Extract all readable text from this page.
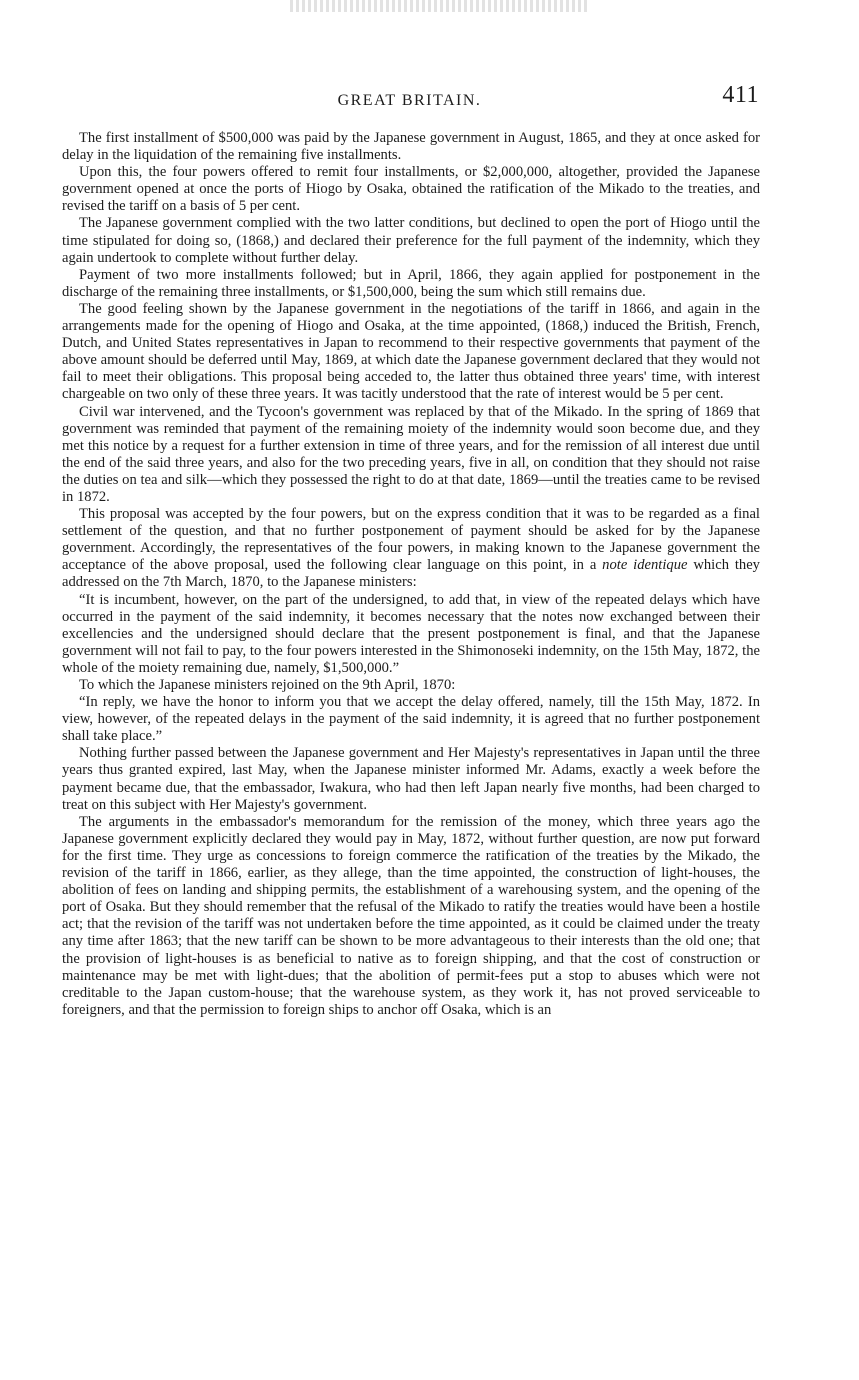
GREAT BRITAIN.	411

The first installment of $500,000 was paid by the Japanese government in August, 1865, and they at once asked for delay in the liquidation of the remaining five installments.

Upon this, the four powers offered to remit four installments, or $2,000,000, altogether, provided the Japanese government opened at once the ports of Hiogo by Osaka, obtained the ratification of the Mikado to the treaties, and revised the tariff on a basis of 5 per cent.

The Japanese government complied with the two latter conditions, but declined to open the port of Hiogo until the time stipulated for doing so, (1868,) and declared their preference for the full payment of the indemnity, which they again undertook to complete without further delay.

Payment of two more installments followed; but in April, 1866, they again applied for postponement in the discharge of the remaining three installments, or $1,500,000, being the sum which still remains due.

The good feeling shown by the Japanese government in the negotiations of the tariff in 1866, and again in the arrangements made for the opening of Hiogo and Osaka, at the time appointed, (1868,) induced the British, French, Dutch, and United States representatives in Japan to recommend to their respective governments that payment of the above amount should be deferred until May, 1869, at which date the Japanese government declared that they would not fail to meet their obligations. This proposal being acceded to, the latter thus obtained three years' time, with interest chargeable on two only of these three years. It was tacitly understood that the rate of interest would be 5 per cent.

Civil war intervened, and the Tycoon's government was replaced by that of the Mikado. In the spring of 1869 that government was reminded that payment of the remaining moiety of the indemnity would soon become due, and they met this notice by a request for a further extension in time of three years, and for the remission of all interest due until the end of the said three years, and also for the two preceding years, five in all, on condition that they should not raise the duties on tea and silk—which they possessed the right to do at that date, 1869—until the treaties came to be revised in 1872.

This proposal was accepted by the four powers, but on the express condition that it was to be regarded as a final settlement of the question, and that no further postponement of payment should be asked for by the Japanese government. Accordingly, the representatives of the four powers, in making known to the Japanese government the acceptance of the above proposal, used the following clear language on this point, in a note identique which they addressed on the 7th March, 1870, to the Japanese ministers:

“It is incumbent, however, on the part of the undersigned, to add that, in view of the repeated delays which have occurred in the payment of the said indemnity, it becomes necessary that the notes now exchanged between their excellencies and the undersigned should declare that the present postponement is final, and that the Japanese government will not fail to pay, to the four powers interested in the Shimonoseki indemnity, on the 15th May, 1872, the whole of the moiety remaining due, namely, $1,500,000.”

To which the Japanese ministers rejoined on the 9th April, 1870:

“In reply, we have the honor to inform you that we accept the delay offered, namely, till the 15th May, 1872. In view, however, of the repeated delays in the payment of the said indemnity, it is agreed that no further postponement shall take place.”

Nothing further passed between the Japanese government and Her Majesty's representatives in Japan until the three years thus granted expired, last May, when the Japanese minister informed Mr. Adams, exactly a week before the payment became due, that the embassador, Iwakura, who had then left Japan nearly five months, had been charged to treat on this subject with Her Majesty's government.

The arguments in the embassador's memorandum for the remission of the money, which three years ago the Japanese government explicitly declared they would pay in May, 1872, without further question, are now put forward for the first time. They urge as concessions to foreign commerce the ratification of the treaties by the Mikado, the revision of the tariff in 1866, earlier, as they allege, than the time appointed, the construction of light-houses, the abolition of fees on landing and shipping permits, the establishment of a warehousing system, and the opening of the port of Osaka. But they should remember that the refusal of the Mikado to ratify the treaties would have been a hostile act; that the revision of the tariff was not undertaken before the time appointed, as it could be claimed under the treaty any time after 1863; that the new tariff can be shown to be more advantageous to their interests than the old one; that the provision of light-houses is as beneficial to native as to foreign shipping, and that the cost of construction or maintenance may be met with light-dues; that the abolition of permit-fees put a stop to abuses which were not creditable to the Japan custom-house; that the warehouse system, as they work it, has not proved serviceable to foreigners, and that the permission to foreign ships to anchor off Osaka, which is an
